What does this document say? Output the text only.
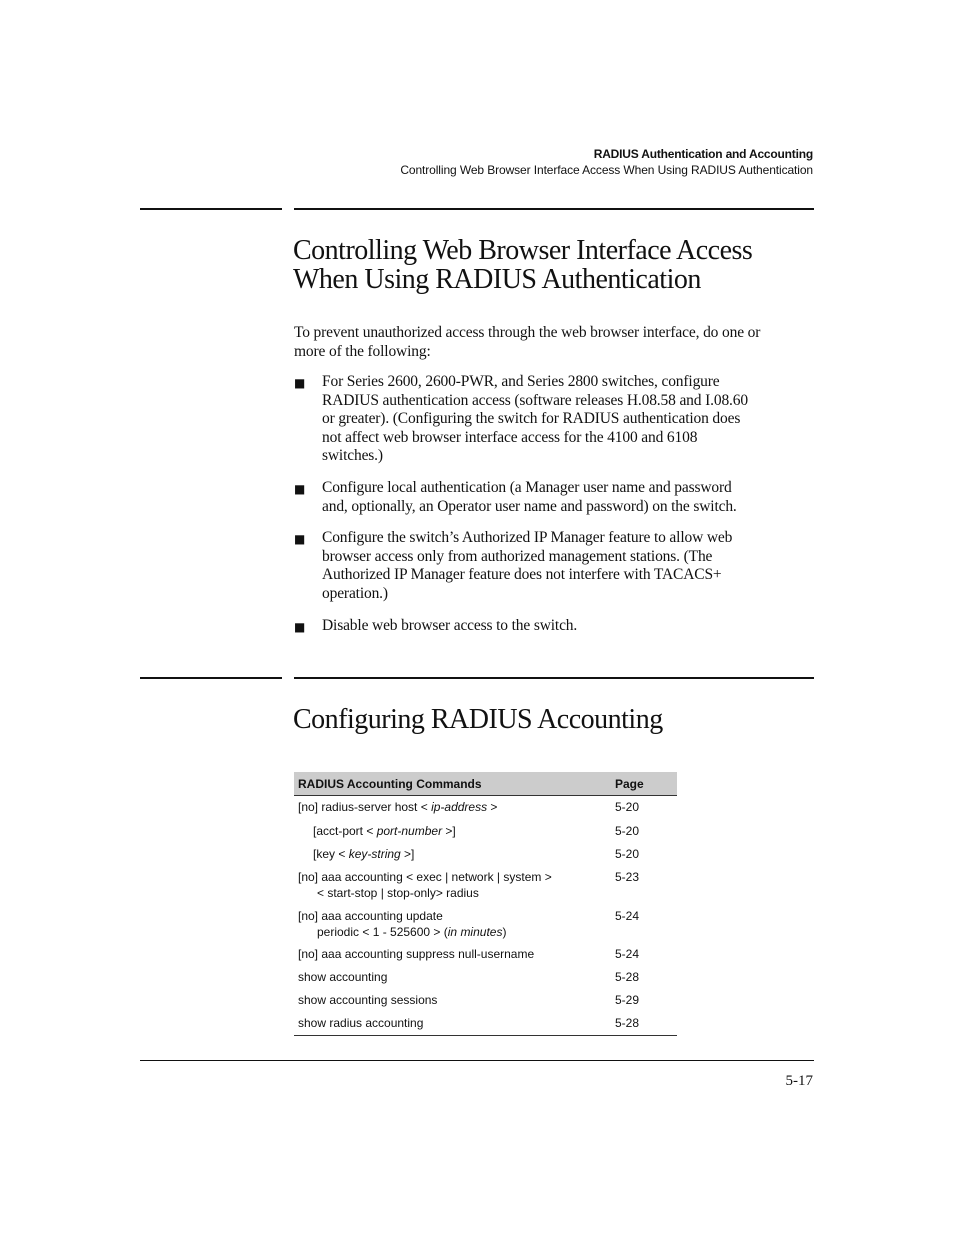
RADIUS Authentication and Accounting
Controlling Web Browser Interface Access When Using RADIUS Authentication
Controlling Web Browser Interface Access
When Using RADIUS Authentication
To prevent unauthorized access through the web browser interface, do one or
more of the following:
■ For Series 2600, 2600-PWR, and Series 2800 switches, configure
RADIUS authentication access (software releases H.08.58 and I.08.60
or greater). (Configuring the switch for RADIUS authentication does
not affect web browser interface access for the 4100 and 6108
switches.)
■ Configure local authentication (a Manager user name and password
and, optionally, an Operator user name and password) on the switch.
■ Configure the switch’s Authorized IP Manager feature to allow web
browser access only from authorized management stations. (The
Authorized IP Manager feature does not interfere with TACACS+
operation.)
■ Disable web browser access to the switch.
Configuring RADIUS Accounting
RADIUS Accounting Commands	Page
[no] radius-server host < ip-address >	5-20
[acct-port < port-number >]	5-20
[key < key-string >]	5-20

[no] aaa accounting < exec | network | system >
< start-stop | stop-only> radius	5-23

[no] aaa accounting update
periodic < 1 - 525600 > (in minutes)	5-24
[no] aaa accounting suppress null-username	5-24
show accounting	5-28
show accounting sessions	5-29
show radius accounting	5-28
5-17
